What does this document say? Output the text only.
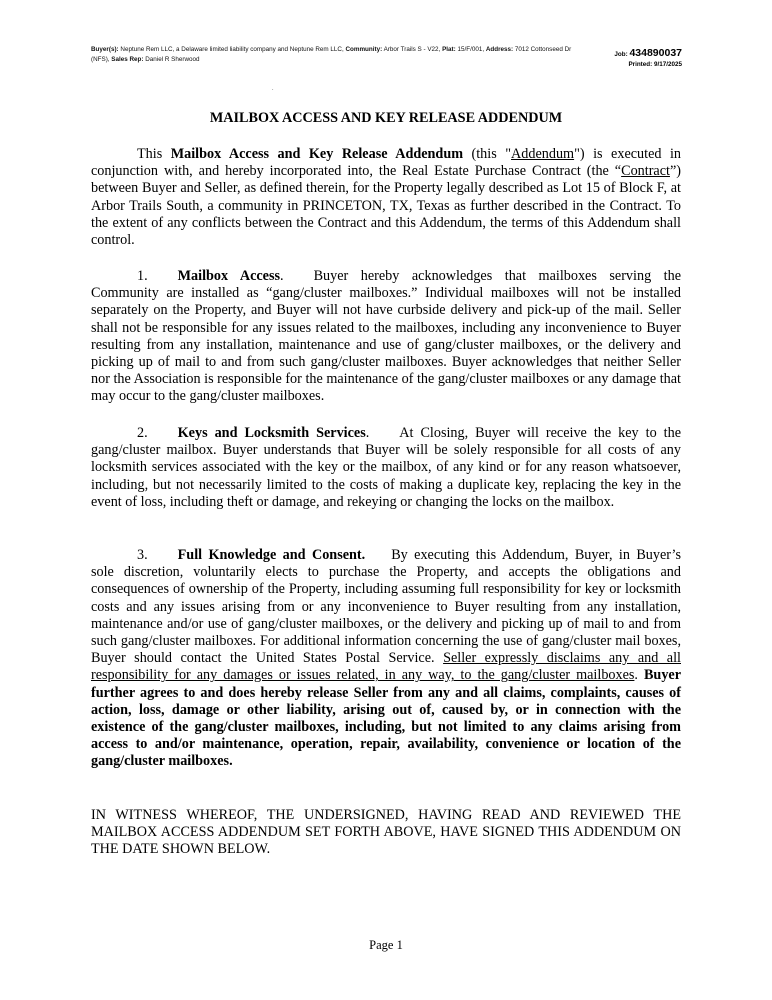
Buyer(s): Neptune Rem LLC, a Delaware limited liability company and Neptune Rem LLC, Community: Arbor Trails S - V22, Plat: 15/F/001, Address: 7012 Cottonseed Dr (NFS), Sales Rep: Daniel R Sherwood
Job: 434890037
Printed: 9/17/2025
.
MAILBOX ACCESS AND KEY RELEASE ADDENDUM

This Mailbox Access and Key Release Addendum (this "Addendum") is executed in conjunction with, and hereby incorporated into, the Real Estate Purchase Contract (the “Contract”) between Buyer and Seller, as defined therein, for the Property legally described as Lot 15 of Block F, at Arbor Trails South, a community in PRINCETON, TX, Texas as further described in the Contract. To the extent of any conflicts between the Contract and this Addendum, the terms of this Addendum shall control.

1. Mailbox Access. Buyer hereby acknowledges that mailboxes serving the Community are installed as “gang/cluster mailboxes.” Individual mailboxes will not be installed separately on the Property, and Buyer will not have curbside delivery and pick-up of the mail. Seller shall not be responsible for any issues related to the mailboxes, including any inconvenience to Buyer resulting from any installation, maintenance and use of gang/cluster mailboxes, or the delivery and picking up of mail to and from such gang/cluster mailboxes. Buyer acknowledges that neither Seller nor the Association is responsible for the maintenance of the gang/cluster mailboxes or any damage that may occur to the gang/cluster mailboxes.

2. Keys and Locksmith Services. At Closing, Buyer will receive the key to the gang/cluster mailbox. Buyer understands that Buyer will be solely responsible for all costs of any locksmith services associated with the key or the mailbox, of any kind or for any reason whatsoever, including, but not necessarily limited to the costs of making a duplicate key, replacing the key in the event of loss, including theft or damage, and rekeying or changing the locks on the mailbox.

3. Full Knowledge and Consent. By executing this Addendum, Buyer, in Buyer’s sole discretion, voluntarily elects to purchase the Property, and accepts the obligations and consequences of ownership of the Property, including assuming full responsibility for key or locksmith costs and any issues arising from or any inconvenience to Buyer resulting from any installation, maintenance and/or use of gang/cluster mailboxes, or the delivery and picking up of mail to and from such gang/cluster mailboxes. For additional information concerning the use of gang/cluster mail boxes, Buyer should contact the United States Postal Service. Seller expressly disclaims any and all responsibility for any damages or issues related, in any way, to the gang/cluster mailboxes. Buyer further agrees to and does hereby release Seller from any and all claims, complaints, causes of action, loss, damage or other liability, arising out of, caused by, or in connection with the existence of the gang/cluster mailboxes, including, but not limited to any claims arising from access to and/or maintenance, operation, repair, availability, convenience or location of the gang/cluster mailboxes.

IN WITNESS WHEREOF, THE UNDERSIGNED, HAVING READ AND REVIEWED THE MAILBOX ACCESS ADDENDUM SET FORTH ABOVE, HAVE SIGNED THIS ADDENDUM ON THE DATE SHOWN BELOW.

Page 1
